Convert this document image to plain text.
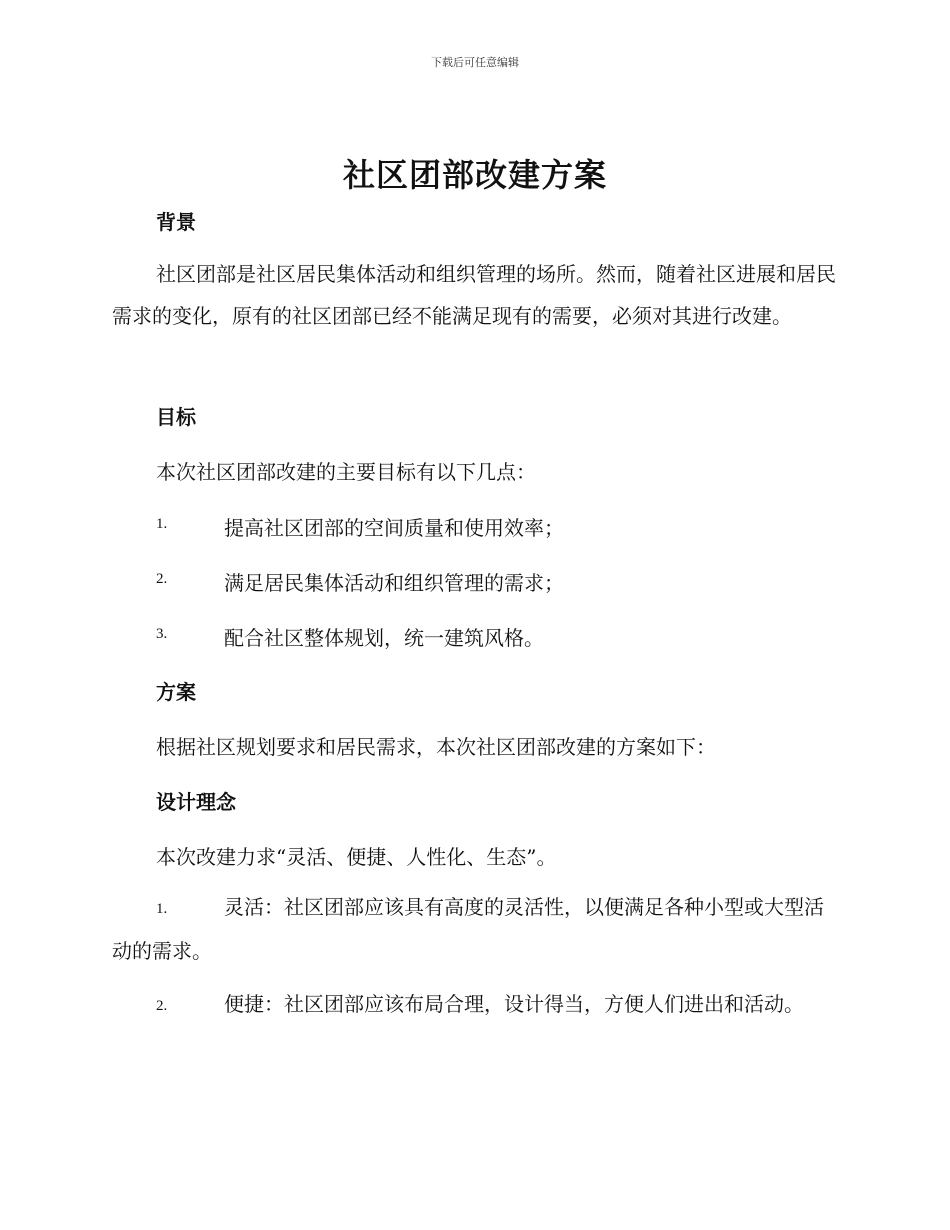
下载后可任意编辑
社区团部改建方案
背景
社区团部是社区居民集体活动和组织管理的场所。然而，随着社区进展和居民需求的变化，原有的社区团部已经不能满足现有的需要，必须对其进行改建。
目标
本次社区团部改建的主要目标有以下几点：
1.	提高社区团部的空间质量和使用效率；
2.	满足居民集体活动和组织管理的需求；
3.	配合社区整体规划，统一建筑风格。
方案
根据社区规划要求和居民需求，本次社区团部改建的方案如下：
设计理念
本次改建力求“灵活、便捷、人性化、生态”。
1.	灵活：社区团部应该具有高度的灵活性，以便满足各种小型或大型活动的需求。
2.	便捷：社区团部应该布局合理，设计得当，方便人们进出和活动。
